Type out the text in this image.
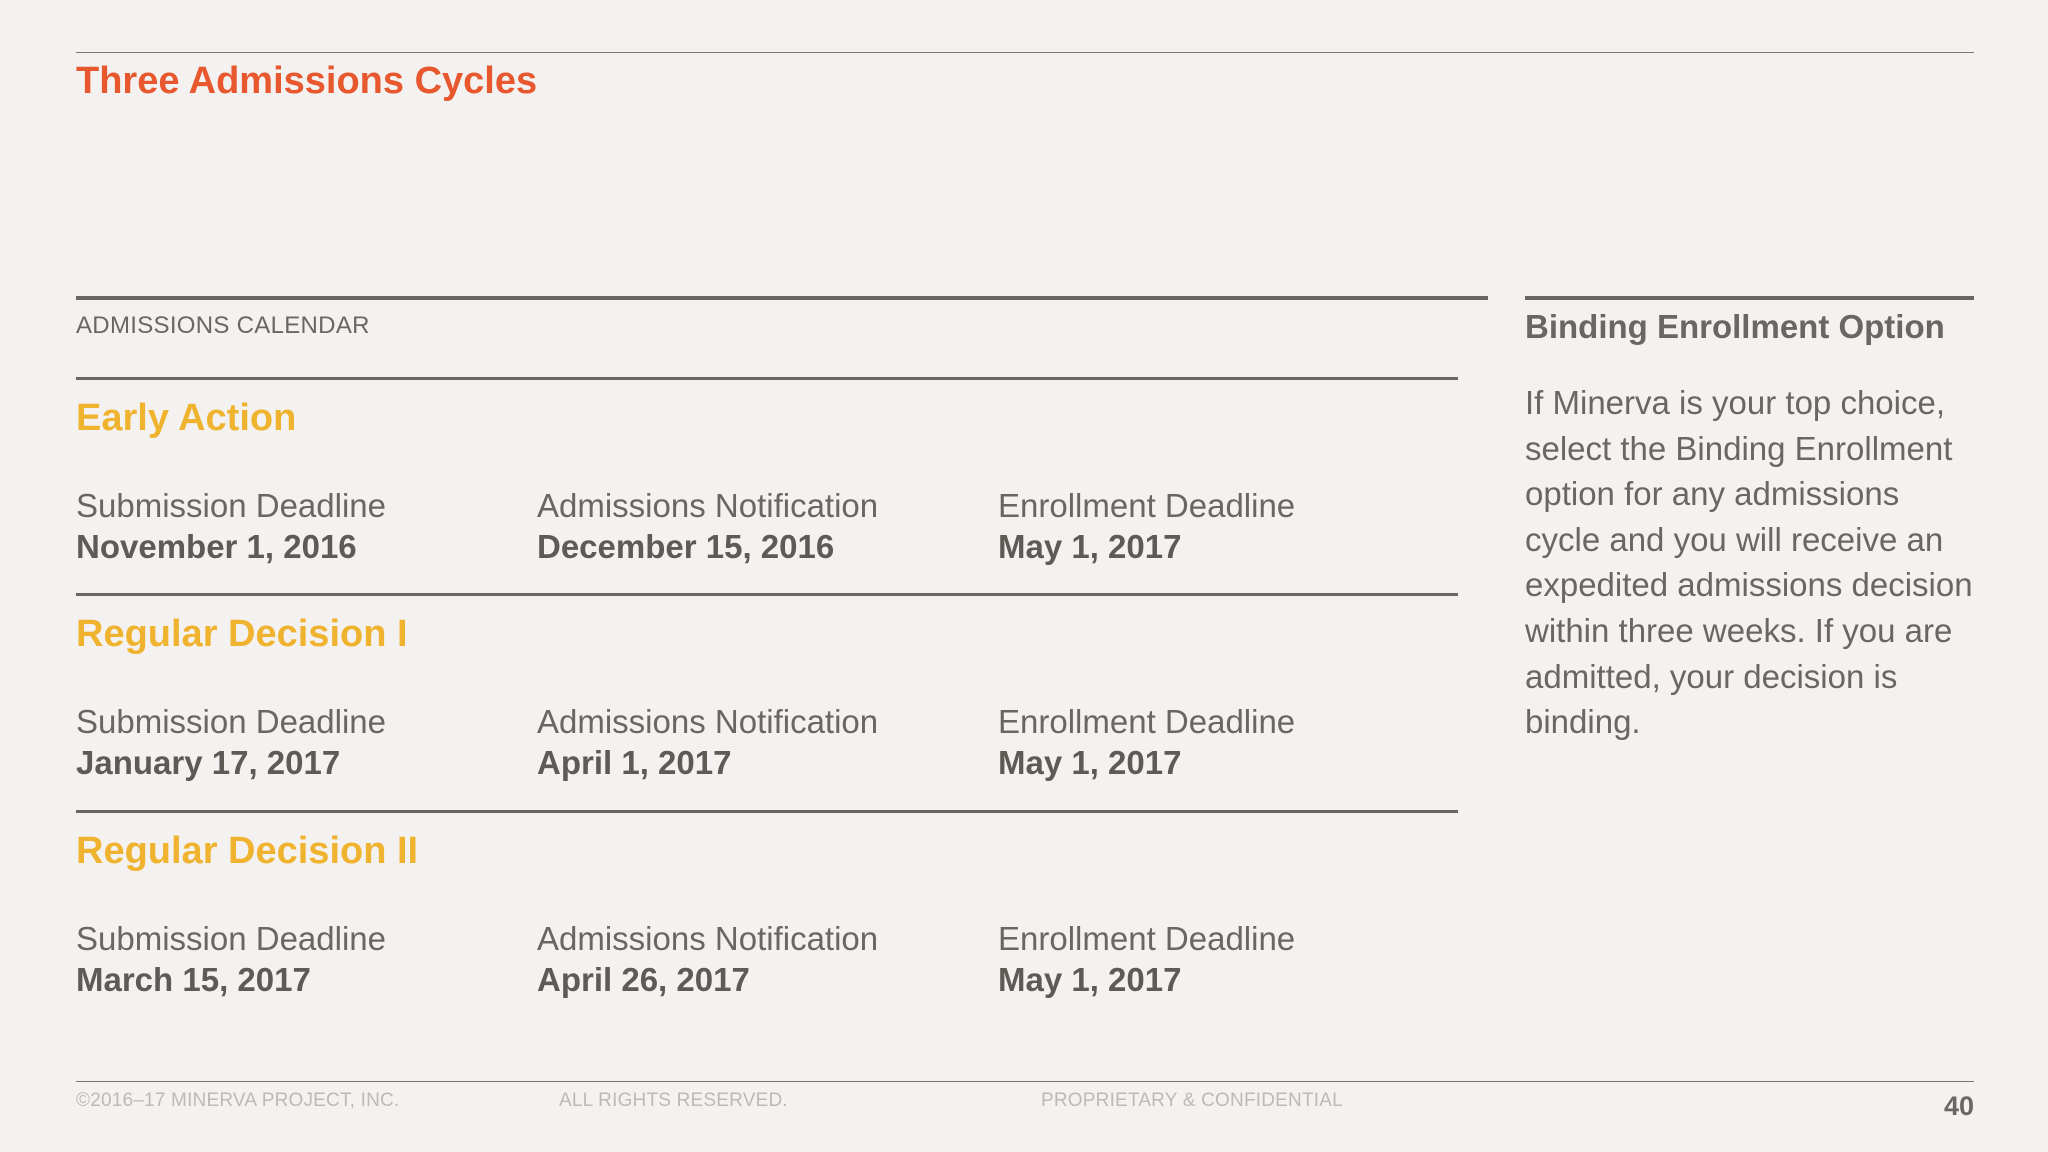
Three Admissions Cycles
ADMISSIONS CALENDAR
Early Action
Submission Deadline
November 1, 2016
Admissions Notification
December 15, 2016
Enrollment Deadline
May 1, 2017
Regular Decision I
Submission Deadline
January 17, 2017
Admissions Notification
April 1, 2017
Enrollment Deadline
May 1, 2017
Regular Decision II
Submission Deadline
March 15, 2017
Admissions Notification
April 26, 2017
Enrollment Deadline
May 1, 2017
Binding Enrollment Option
If Minerva is your top choice, select the Binding Enrollment option for any admissions cycle and you will receive an expedited admissions decision within three weeks. If you are admitted, your decision is binding.
©2016–17 MINERVA PROJECT, INC.	ALL RIGHTS RESERVED.	PROPRIETARY & CONFIDENTIAL	40
